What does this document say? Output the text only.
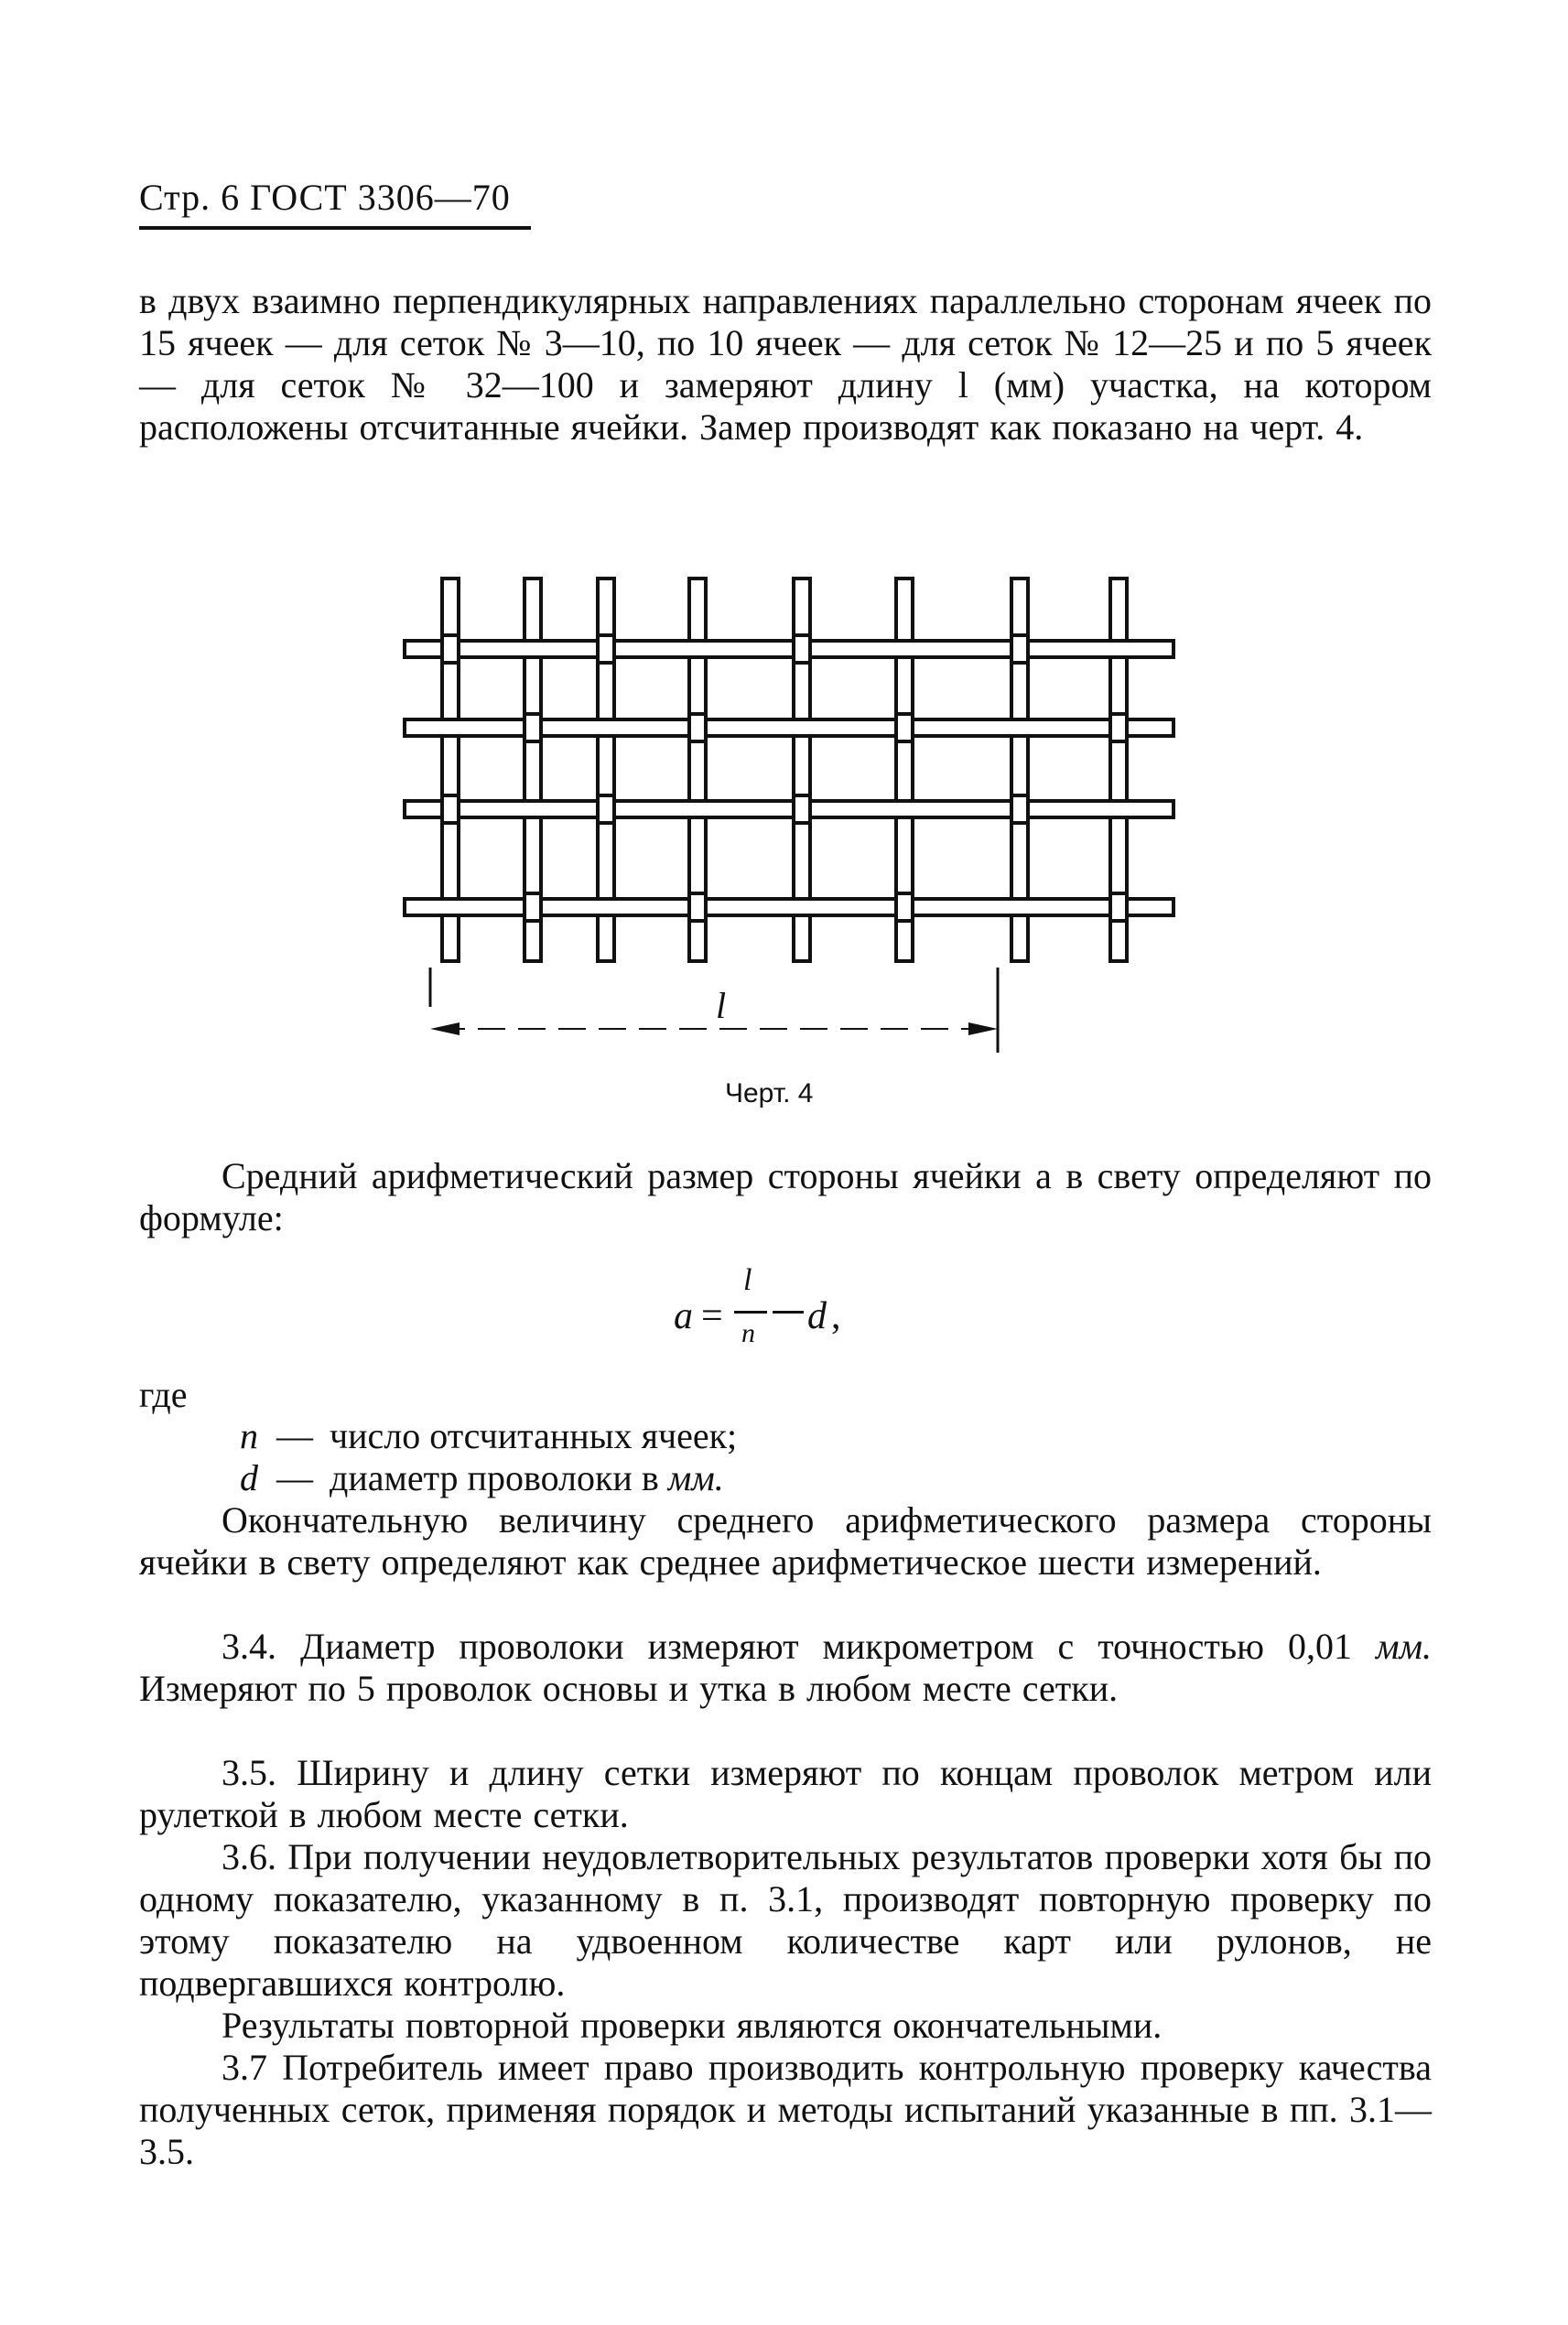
Стр. 6 ГОСТ 3306—70
в двух взаимно перпендикулярных направлениях параллельно сторонам ячеек по 15 ячеек — для сеток № 3—10, по 10 ячеек — для сеток № 12—25 и по 5 ячеек — для сеток № 32—100 и замеряют длину l (мм) участка, на котором расположены отсчитанные ячейки. Замер производят как показано на черт. 4.
l
Черт. 4
Средний арифметический размер стороны ячейки a в свету определяют по формуле:
a =
l
n d ,
где
n — число отсчитанных ячеек;
d — диаметр проволоки в мм.
Окончательную величину среднего арифметического размера стороны ячейки в свету определяют как среднее арифметическое шести измерений.
3.4. Диаметр проволоки измеряют микрометром с точностью 0,01 мм. Измеряют по 5 проволок основы и утка в любом месте сетки.
3.5. Ширину и длину сетки измеряют по концам проволок метром или рулеткой в любом месте сетки.
3.6. При получении неудовлетворительных результатов проверки хотя бы по одному показателю, указанному в п. 3.1, производят повторную проверку по этому показателю на удвоенном количестве карт или рулонов, не подвергавшихся контролю.
Результаты повторной проверки являются окончательными.
3.7 Потребитель имеет право производить контрольную проверку качества полученных сеток, применяя порядок и методы испытаний указанные в пп. 3.1—3.5.
